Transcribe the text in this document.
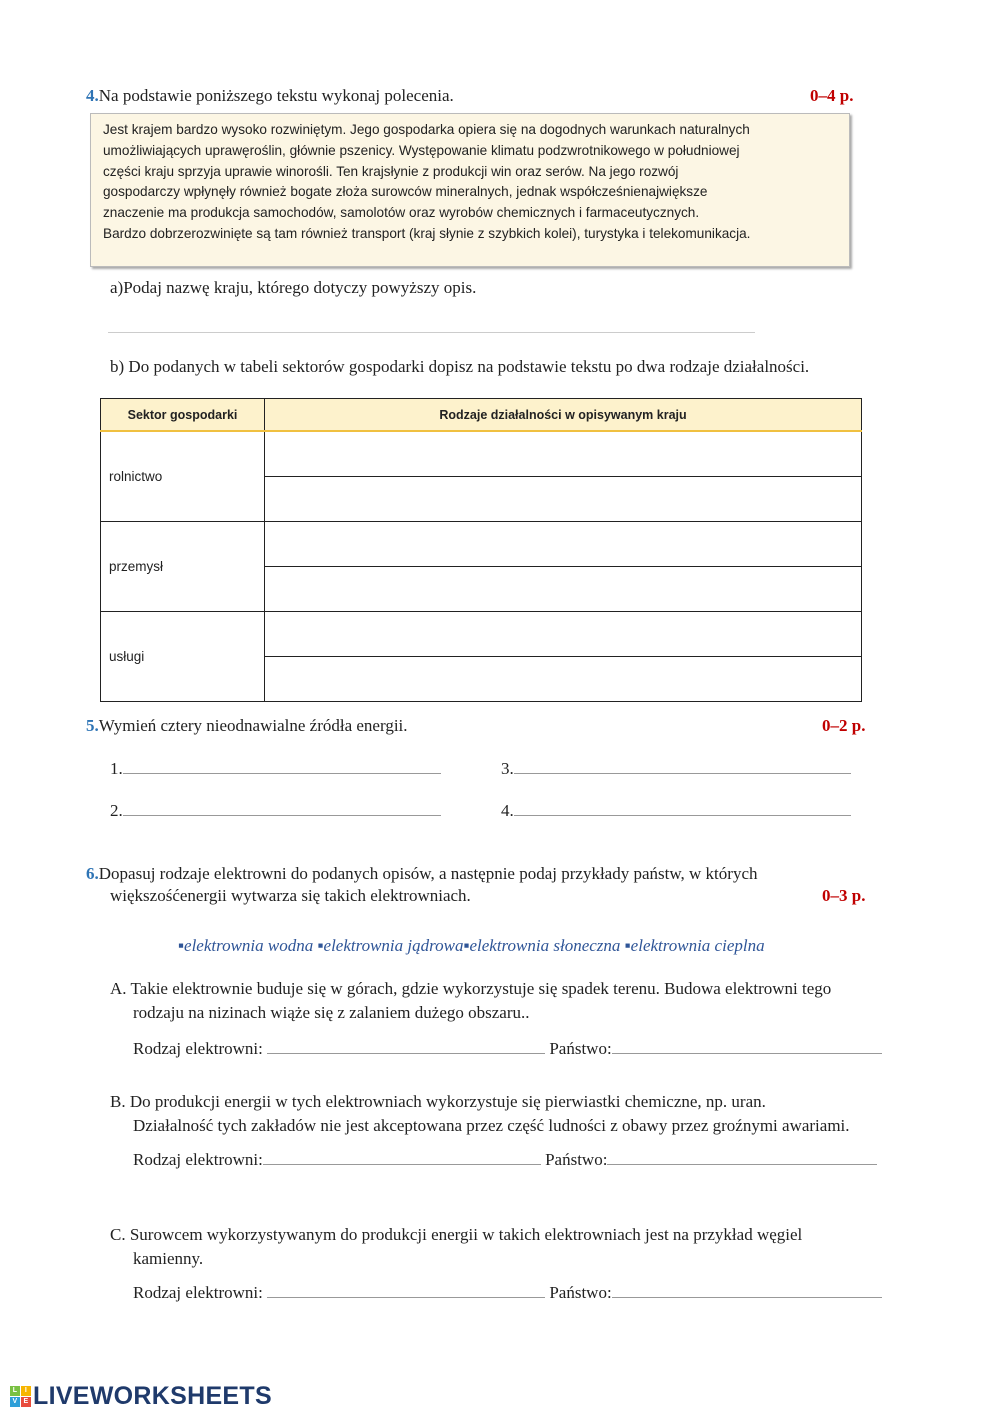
4.Na podstawie poniższego tekstu wykonaj polecenia.	0–4 p.
Jest krajem bardzo wysoko rozwiniętym. Jego gospodarka opiera się na dogodnych warunkach naturalnych
umożliwiających uprawęroślin, głównie pszenicy. Występowanie klimatu podzwrotnikowego w południowej
części kraju sprzyja uprawie winorośli. Ten krajsłynie z produkcji win oraz serów. Na jego rozwój
gospodarczy wpłynęły również bogate złoża surowców mineralnych, jednak współcześnienajwiększe
znaczenie ma produkcja samochodów, samolotów oraz wyrobów chemicznych i farmaceutycznych.
Bardzo dobrzerozwinięte są tam również transport (kraj słynie z szybkich kolei), turystyka i telekomunikacja.
a)Podaj nazwę kraju, którego dotyczy powyższy opis.
b) Do podanych w tabeli sektorów gospodarki dopisz na podstawie tekstu po dwa rodzaje działalności.
Sektor gospodarki	Rodzaje działalności w opisywanym kraju
rolnictwo	

przemysł	

usługi	

5.Wymień cztery nieodnawialne źródła energii.	0–2 p.
1.
2.
3.
4.
6.Dopasuj rodzaje elektrowni do podanych opisów, a następnie podaj przykłady państw, w których
większośćenergii wytwarza się takich elektrowniach.	0–3 p.
▪elektrownia wodna ▪elektrownia jądrowa▪elektrownia słoneczna ▪elektrownia cieplna
A. Takie elektrownie buduje się w górach, gdzie wykorzystuje się spadek terenu. Budowa elektrowni tego
rodzaju na nizinach wiąże się z zalaniem dużego obszaru..
Rodzaj elektrowni:	Państwo:
B. Do produkcji energii w tych elektrowniach wykorzystuje się pierwiastki chemiczne, np. uran.
Działalność tych zakładów nie jest akceptowana przez część ludności z obawy przez groźnymi awariami.
Rodzaj elektrowni:	Państwo:
C. Surowcem wykorzystywanym do produkcji energii w takich elektrowniach jest na przykład węgiel
kamienny.
Rodzaj elektrowni:	Państwo:
L	I
V E LIVEWORKSHEETS
